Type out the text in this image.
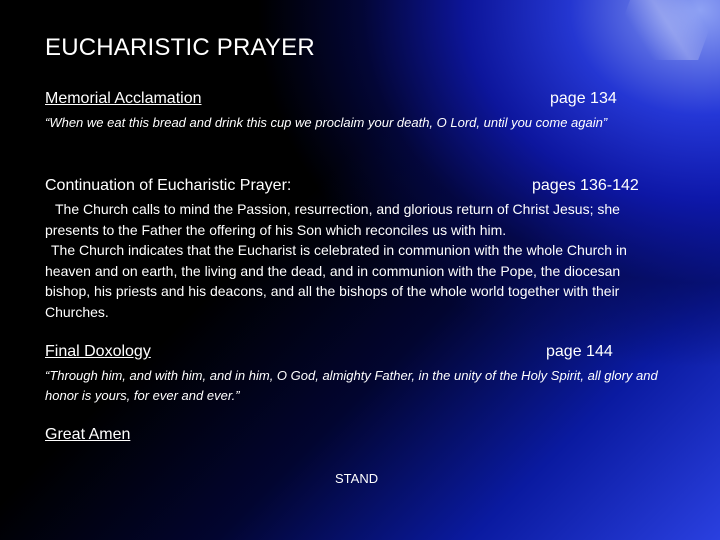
EUCHARISTIC PRAYER
Memorial Acclamation	page 134
“When we eat this bread and drink this cup we proclaim your death, O Lord, until you come again”
Continuation of Eucharistic Prayer:	pages 136-142
The Church calls to mind the Passion, resurrection, and glorious return of Christ Jesus; she presents to the Father the offering of his Son which reconciles us with him.
The Church indicates that the Eucharist is celebrated in communion with the whole Church in heaven and on earth, the living and the dead, and in communion with the Pope, the diocesan bishop, his priests and his deacons, and all the bishops of the whole world together with their Churches.
Final Doxology	page 144
“Through him, and with him, and in him, O God, almighty Father, in the unity of the Holy Spirit, all glory and honor is yours, for ever and ever.”
Great Amen
STAND
